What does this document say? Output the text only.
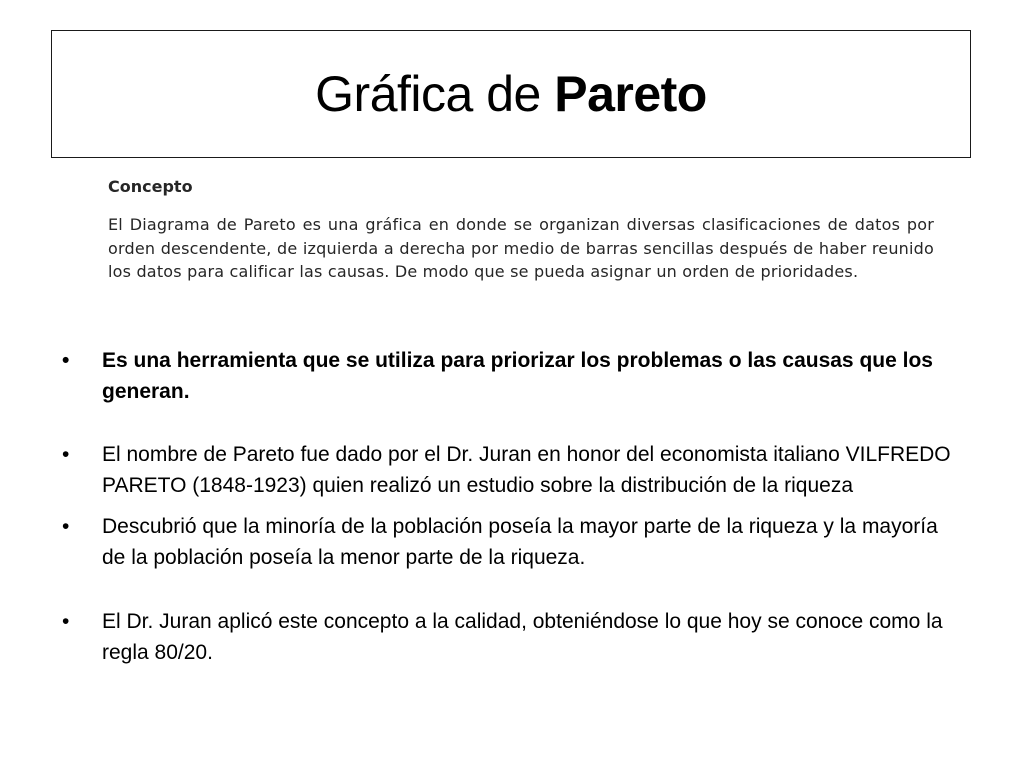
Gráfica de Pareto

Concepto

El Diagrama de Pareto es una gráfica en donde se organizan diversas clasificaciones de datos por orden descendente, de izquierda a derecha por medio de barras sencillas después de haber reunido los datos para calificar las causas. De modo que se pueda asignar un orden de prioridades.

•	Es una herramienta que se utiliza para priorizar los problemas o las causas que los generan.
•	El nombre de Pareto fue dado por el Dr. Juran en honor del economista italiano VILFREDO PARETO (1848-1923) quien realizó un estudio sobre la distribución de la riqueza
•	Descubrió que la minoría de la población poseía la mayor parte de la riqueza y la mayoría de la población poseía la menor parte de la riqueza.
•	El Dr. Juran aplicó este concepto a la calidad, obteniéndose lo que hoy se conoce como la regla 80/20.
